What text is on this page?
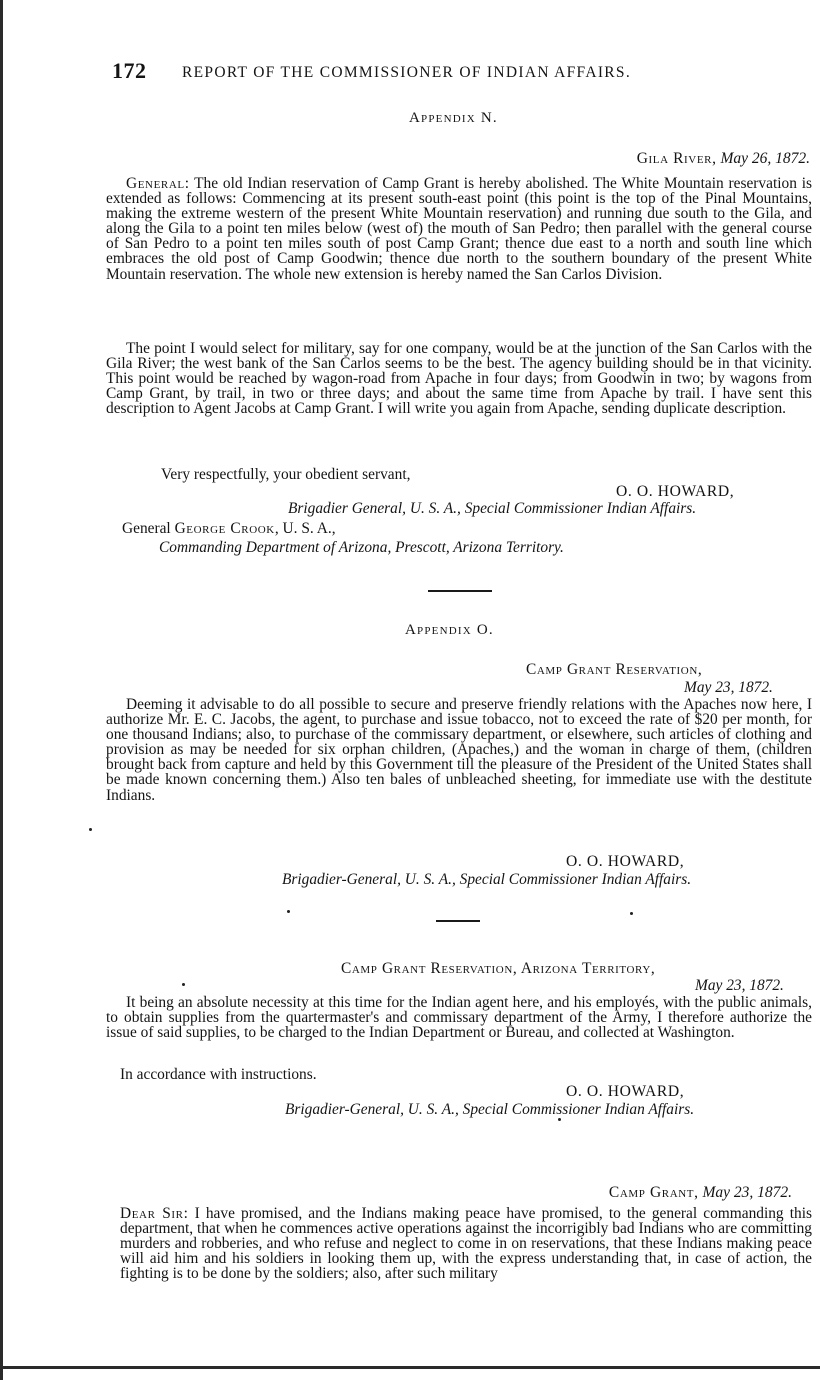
172 REPORT OF THE COMMISSIONER OF INDIAN AFFAIRS.
Appendix N.
Gila River, May 26, 1872.

General: The old Indian reservation of Camp Grant is hereby abolished. The White Mountain reservation is extended as follows: Commencing at its present south-east point (this point is the top of the Pinal Mountains, making the extreme western of the present White Mountain reservation) and running due south to the Gila, and along the Gila to a point ten miles below (west of) the mouth of San Pedro; then parallel with the general course of San Pedro to a point ten miles south of post Camp Grant; thence due east to a north and south line which embraces the old post of Camp Goodwin; thence due north to the southern boundary of the present White Mountain reservation. The whole new extension is hereby named the San Carlos Division.

The point I would select for military, say for one company, would be at the junction of the San Carlos with the Gila River; the west bank of the San Carlos seems to be the best. The agency building should be in that vicinity. This point would be reached by wagon-road from Apache in four days; from Goodwin in two; by wagons from Camp Grant, by trail, in two or three days; and about the same time from Apache by trail. I have sent this description to Agent Jacobs at Camp Grant. I will write you again from Apache, sending duplicate description.

Very respectfully, your obedient servant,
O. O. HOWARD,
Brigadier General, U. S. A., Special Commissioner Indian Affairs.
General George Crook, U. S. A.,
Commanding Department of Arizona, Prescott, Arizona Territory.
Appendix O.
Camp Grant Reservation,
May 23, 1872.

Deeming it advisable to do all possible to secure and preserve friendly relations with the Apaches now here, I authorize Mr. E. C. Jacobs, the agent, to purchase and issue tobacco, not to exceed the rate of $20 per month, for one thousand Indians; also, to purchase of the commissary department, or elsewhere, such articles of clothing and provision as may be needed for six orphan children, (Apaches,) and the woman in charge of them, (children brought back from capture and held by this Government till the pleasure of the President of the United States shall be made known concerning them.) Also ten bales of unbleached sheeting, for immediate use with the destitute Indians.

O. O. HOWARD,
Brigadier-General, U. S. A., Special Commissioner Indian Affairs.
Camp Grant Reservation, Arizona Territory,
May 23, 1872.

It being an absolute necessity at this time for the Indian agent here, and his employés, with the public animals, to obtain supplies from the quartermaster's and commissary department of the Army, I therefore authorize the issue of said supplies, to be charged to the Indian Department or Bureau, and collected at Washington.

In accordance with instructions.
O. O. HOWARD,
Brigadier-General, U. S. A., Special Commissioner Indian Affairs.
Camp Grant, May 23, 1872.

Dear Sir: I have promised, and the Indians making peace have promised, to the general commanding this department, that when he commences active operations against the incorrigibly bad Indians who are committing murders and robberies, and who refuse and neglect to come in on reservations, that these Indians making peace will aid him and his soldiers in looking them up, with the express understanding that, in case of action, the fighting is to be done by the soldiers; also, after such military
